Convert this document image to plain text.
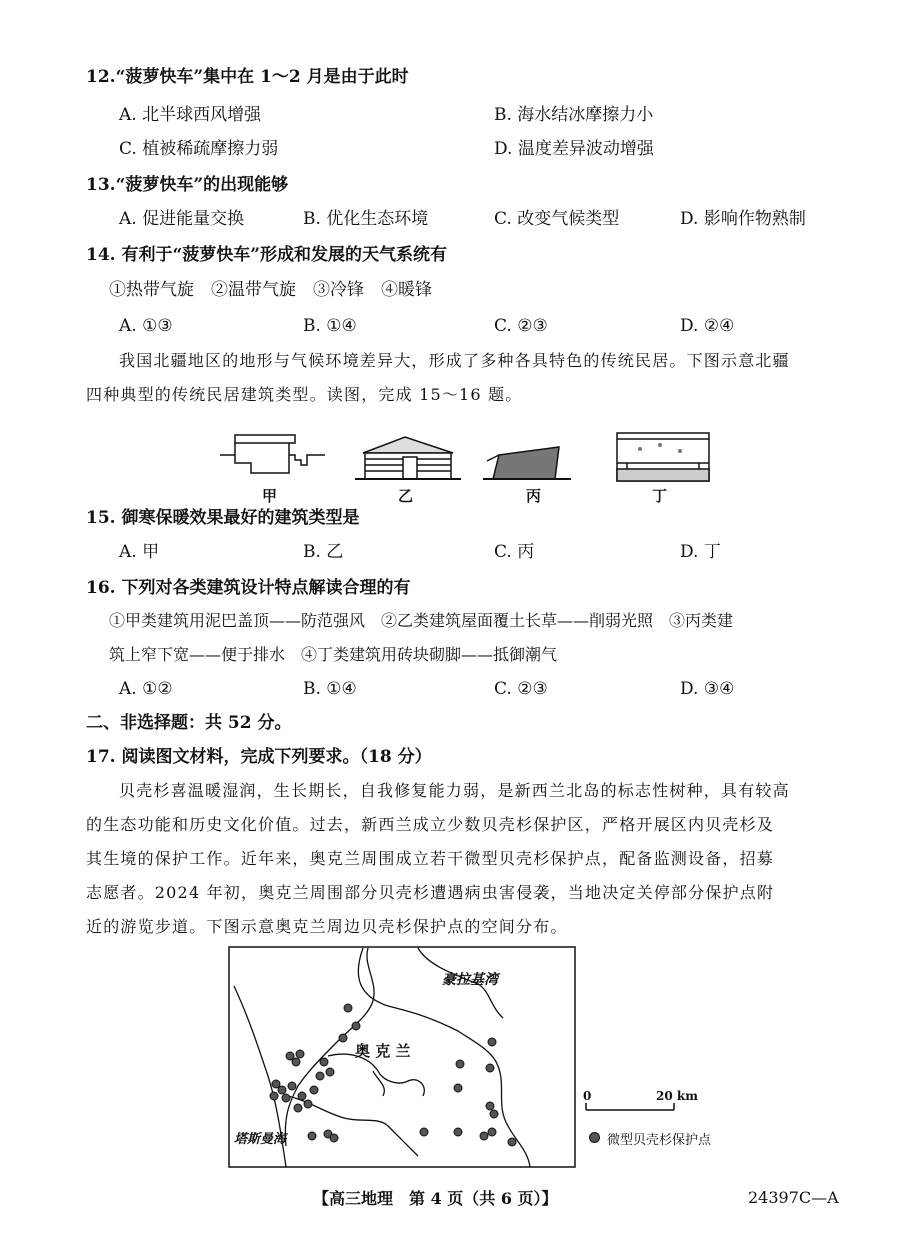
12.“菠萝快车”集中在 1～2 月是由于此时
A. 北半球西风增强	B. 海水结冰摩擦力小
C. 植被稀疏摩擦力弱	D. 温度差异波动增强
13.“菠萝快车”的出现能够
A. 促进能量交换	B. 优化生态环境	C. 改变气候类型	D. 影响作物熟制
14. 有利于“菠萝快车”形成和发展的天气系统有
①热带气旋　②温带气旋　③冷锋　④暖锋
A. ①③	B. ①④	C. ②③	D. ②④
我国北疆地区的地形与气候环境差异大，形成了多种各具特色的传统民居。下图示意北疆
四种典型的传统民居建筑类型。读图，完成 15～16 题。
甲	乙	丙	丁
15. 御寒保暖效果最好的建筑类型是
A. 甲	B. 乙	C. 丙	D. 丁
16. 下列对各类建筑设计特点解读合理的有
①甲类建筑用泥巴盖顶——防范强风　②乙类建筑屋面覆土长草——削弱光照　③丙类建
筑上窄下宽——便于排水　④丁类建筑用砖块砌脚——抵御潮气
A. ①②	B. ①④	C. ②③	D. ③④
二、非选择题：共 52 分。
17. 阅读图文材料，完成下列要求。（18 分）
贝壳杉喜温暖湿润，生长期长，自我修复能力弱，是新西兰北岛的标志性树种，具有较高
的生态功能和历史文化价值。过去，新西兰成立少数贝壳杉保护区，严格开展区内贝壳杉及
其生境的保护工作。近年来，奥克兰周围成立若干微型贝壳杉保护点，配备监测设备，招募
志愿者。2024 年初，奥克兰周围部分贝壳杉遭遇病虫害侵袭，当地决定关停部分保护点附
近的游览步道。下图示意奥克兰周边贝壳杉保护点的空间分布。
豪拉基湾
奥 克 兰
塔斯曼海
0	20 km
微型贝壳杉保护点
【高三地理　第 4 页（共 6 页）】	24397C—A
